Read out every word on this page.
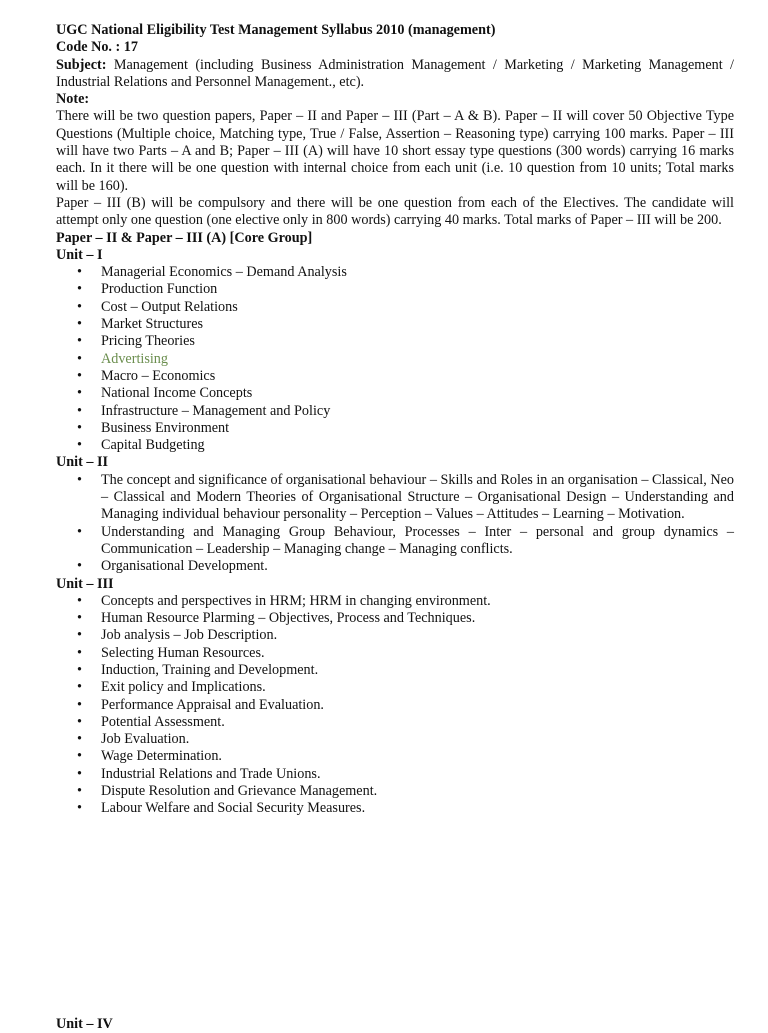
UGC National Eligibility Test Management Syllabus 2010 (management)
Code No. : 17

Subject: Management (including Business Administration Management / Marketing / Marketing Management / Industrial Relations and Personnel Management., etc).

Note:

There will be two question papers, Paper – II and Paper – III (Part – A & B). Paper – II will cover 50 Objective Type Questions (Multiple choice, Matching type, True / False, Assertion – Reasoning type) carrying 100 marks. Paper – III will have two Parts – A and B; Paper – III (A) will have 10 short essay type questions (300 words) carrying 16 marks each. In it there will be one question with internal choice from each unit (i.e. 10 question from 10 units; Total marks will be 160).

Paper – III (B) will be compulsory and there will be one question from each of the Electives. The candidate will attempt only one question (one elective only in 800 words) carrying 40 marks. Total marks of Paper – III will be 200.

Paper – II & Paper – III (A) [Core Group]
Unit – I
• Managerial Economics – Demand Analysis
• Production Function
• Cost – Output Relations
• Market Structures
• Pricing Theories
• Advertising
• Macro – Economics
• National Income Concepts
• Infrastructure – Management and Policy
• Business Environment
• Capital Budgeting
Unit – II
• The concept and significance of organisational behaviour – Skills and Roles in an organisation – Classical, Neo – Classical and Modern Theories of Organisational Structure – Organisational Design – Understanding and Managing individual behaviour personality – Perception – Values – Attitudes – Learning – Motivation.
• Understanding and Managing Group Behaviour, Processes – Inter – personal and group dynamics – Communication – Leadership – Managing change – Managing conflicts.
• Organisational Development.
Unit – III
• Concepts and perspectives in HRM; HRM in changing environment.
• Human Resource Plarming – Objectives, Process and Techniques.
• Job analysis – Job Description.
• Selecting Human Resources.
• Induction, Training and Development.
• Exit policy and Implications.
• Performance Appraisal and Evaluation.
• Potential Assessment.
• Job Evaluation.
• Wage Determination.
• Industrial Relations and Trade Unions.
• Dispute Resolution and Grievance Management.
• Labour Welfare and Social Security Measures.
Unit – IV
